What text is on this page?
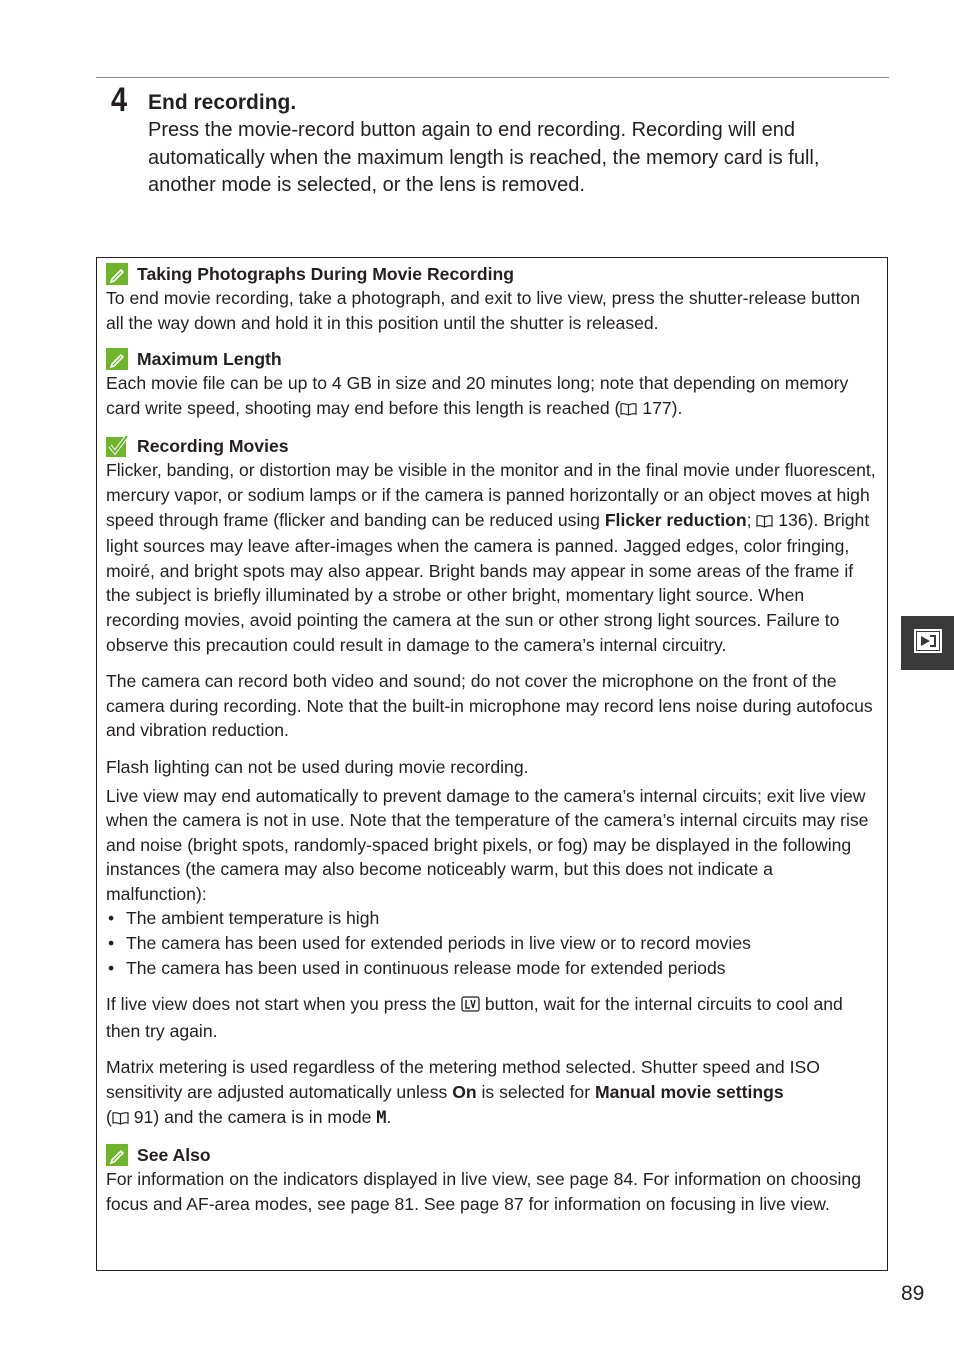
4 End recording.
Press the movie-record button again to end recording. Recording will end automatically when the maximum length is reached, the memory card is full, another mode is selected, or the lens is removed.
Taking Photographs During Movie Recording

To end movie recording, take a photograph, and exit to live view, press the shutter-release button all the way down and hold it in this position until the shutter is released.

Maximum Length

Each movie file can be up to 4 GB in size and 20 minutes long; note that depending on memory card write speed, shooting may end before this length is reached ( 177).

Recording Movies

Flicker, banding, or distortion may be visible in the monitor and in the final movie under fluorescent, mercury vapor, or sodium lamps or if the camera is panned horizontally or an object moves at high speed through frame (flicker and banding can be reduced using Flicker reduction;  136). Bright light sources may leave after-images when the camera is panned. Jagged edges, color fringing, moiré, and bright spots may also appear. Bright bands may appear in some areas of the frame if the subject is briefly illuminated by a strobe or other bright, momentary light source. When recording movies, avoid pointing the camera at the sun or other strong light sources. Failure to observe this precaution could result in damage to the camera’s internal circuitry.

The camera can record both video and sound; do not cover the microphone on the front of the camera during recording. Note that the built-in microphone may record lens noise during autofocus and vibration reduction.

Flash lighting can not be used during movie recording.

Live view may end automatically to prevent damage to the camera’s internal circuits; exit live view when the camera is not in use. Note that the temperature of the camera’s internal circuits may rise and noise (bright spots, randomly-spaced bright pixels, or fog) may be displayed in the following instances (the camera may also become noticeably warm, but this does not indicate a malfunction):

• The ambient temperature is high
• The camera has been used for extended periods in live view or to record movies
• The camera has been used in continuous release mode for extended periods

If live view does not start when you press the  button, wait for the internal circuits to cool and then try again.

Matrix metering is used regardless of the metering method selected. Shutter speed and ISO sensitivity are adjusted automatically unless On is selected for Manual movie settings
( 91) and the camera is in mode M.

See Also

For information on the indicators displayed in live view, see page 84. For information on choosing focus and AF-area modes, see page 81. See page 87 for information on focusing in live view.

89
